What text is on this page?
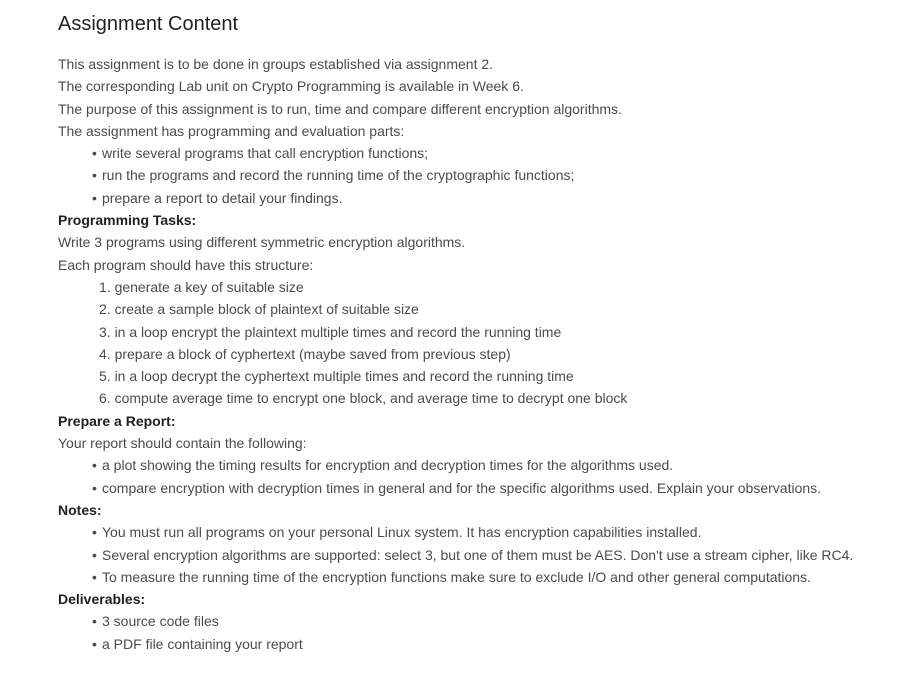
Assignment Content

This assignment is to be done in groups established via assignment 2.

The corresponding Lab unit on Crypto Programming is available in Week 6.

The purpose of this assignment is to run, time and compare different encryption algorithms.

The assignment has programming and evaluation parts:

• write several programs that call encryption functions;
• run the programs and record the running time of the cryptographic functions;
• prepare a report to detail your findings.

Programming Tasks:

Write 3 programs using different symmetric encryption algorithms.

Each program should have this structure:

1. generate a key of suitable size
2. create a sample block of plaintext of suitable size
3. in a loop encrypt the plaintext multiple times and record the running time
4. prepare a block of cyphertext (maybe saved from previous step)
5. in a loop decrypt the cyphertext multiple times and record the running time
6. compute average time to encrypt one block, and average time to decrypt one block

Prepare a Report:

Your report should contain the following:

• a plot showing the timing results for encryption and decryption times for the algorithms used.
• compare encryption with decryption times in general and for the specific algorithms used. Explain your observations.

Notes:

• You must run all programs on your personal Linux system. It has encryption capabilities installed.
• Several encryption algorithms are supported: select 3, but one of them must be AES. Don't use a stream cipher, like RC4.
• To measure the running time of the encryption functions make sure to exclude I/O and other general computations.

Deliverables:

• 3 source code files
• a PDF file containing your report
